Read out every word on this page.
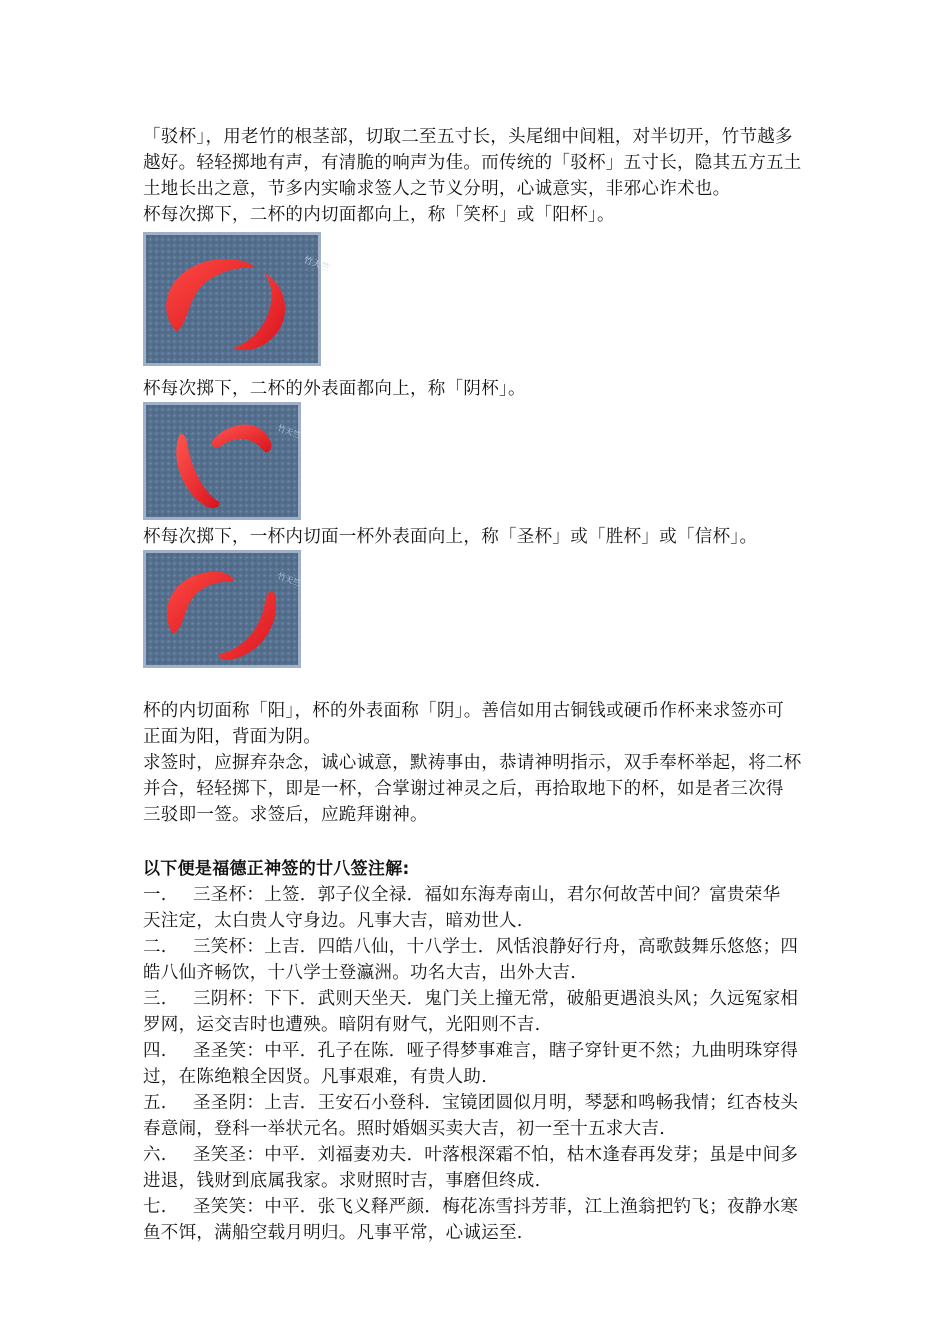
「驳杯」，用老竹的根茎部，切取二至五寸长，头尾细中间粗，对半切开，竹节越多

越好。轻轻掷地有声，有清脆的响声为佳。而传统的「驳杯」五寸长，隐其五方五土

土地长出之意，节多内实喻求签人之节义分明，心诚意实，非邪心诈术也。

杯每次掷下，二杯的内切面都向上，称「笑杯」或「阳杯」。

竹天竺

杯每次掷下，二杯的外表面都向上，称「阴杯」。

竹天竺

杯每次掷下，一杯内切面一杯外表面向上，称「圣杯」或「胜杯」或「信杯」。

竹天竺

杯的内切面称「阳」，杯的外表面称「阴」。善信如用古铜钱或硬币作杯来求签亦可

正面为阳，背面为阴。

求签时，应摒弃杂念，诚心诚意，默祷事由，恭请神明指示，双手奉杯举起，将二杯

并合，轻轻掷下，即是一杯，合掌谢过神灵之后，再拾取地下的杯，如是者三次得

三驳即一签。求签后，应跪拜谢神。

以下便是福德正神签的廿八签注解:

一. 三圣杯：上签．郭子仪全禄．福如东海寿南山，君尔何故苦中间？富贵荣华

天注定，太白贵人守身边。凡事大吉，暗劝世人.

二. 三笑杯：上吉．四皓八仙，十八学士．风恬浪静好行舟，高歌鼓舞乐悠悠；四

皓八仙齐畅饮，十八学士登瀛洲。功名大吉，出外大吉.

三. 三阴杯：下下．武则天坐天．鬼门关上撞无常，破船更遇浪头风；久远冤家相

罗网，运交吉时也遭殃。暗阴有财气，光阳则不吉.

四. 圣圣笑：中平．孔子在陈．哑子得梦事难言，瞎子穿针更不然；九曲明珠穿得

过，在陈绝粮全因贤。凡事艰难，有贵人助.

五. 圣圣阴：上吉．王安石小登科．宝镜团圆似月明，琴瑟和鸣畅我情；红杏枝头

春意闹，登科一举状元名。照时婚姻买卖大吉，初一至十五求大吉.

六. 圣笑圣：中平．刘福妻劝夫．叶落根深霜不怕，枯木逢春再发芽；虽是中间多

进退，钱财到底属我家。求财照时吉，事磨但终成.

七. 圣笑笑：中平．张飞义释严颜．梅花冻雪抖芳菲，江上渔翁把钓飞；夜静水寒

鱼不饵，满船空载月明归。凡事平常，心诚运至.
